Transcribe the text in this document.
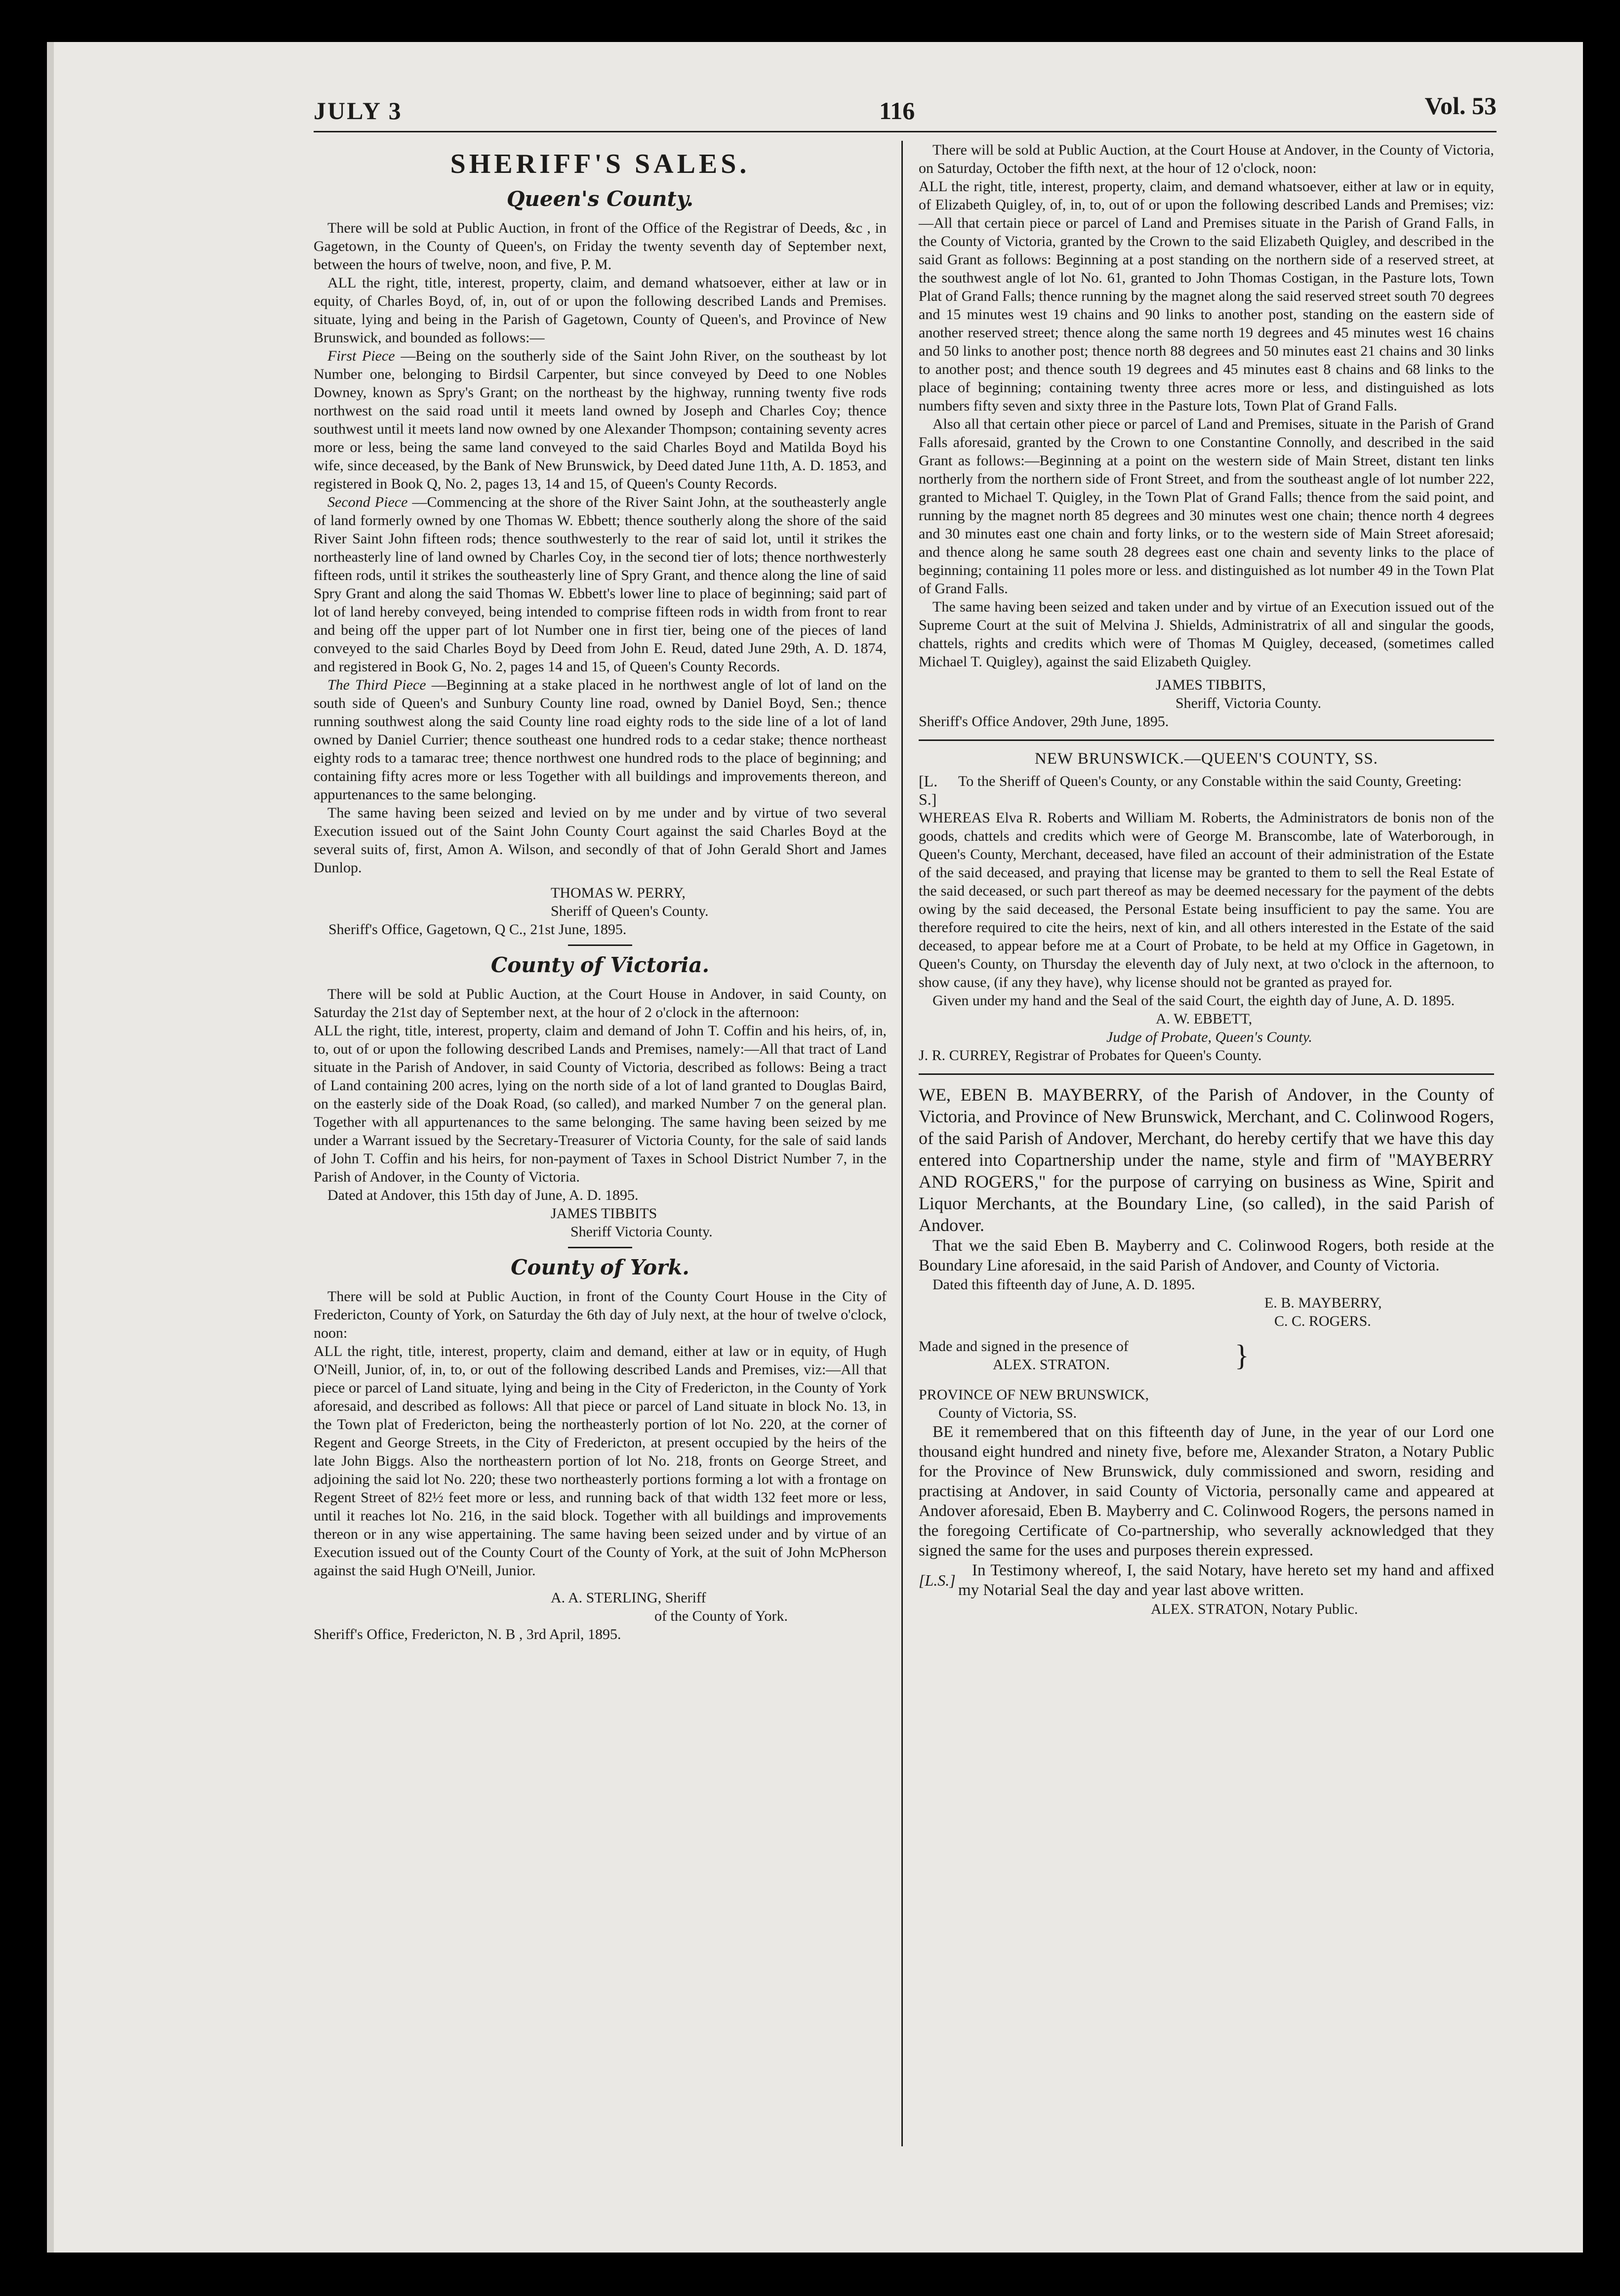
JULY 3	116	Vol. 53
SHERIFF'S SALES.
Queen's County.

There will be sold at Public Auction, in front of the Office of the Registrar of Deeds, &c , in Gagetown, in the County of Queen's, on Friday the twenty seventh day of September next, between the hours of twelve, noon, and five, P. M.

ALL the right, title, interest, property, claim, and demand whatsoever, either at law or in equity, of Charles Boyd, of, in, out of or upon the following described Lands and Premises. situate, lying and being in the Parish of Gagetown, County of Queen's, and Province of New Brunswick, and bounded as follows:—

First Piece —Being on the southerly side of the Saint John River, on the southeast by lot Number one, belonging to Birdsil Carpenter, but since conveyed by Deed to one Nobles Downey, known as Spry's Grant; on the northeast by the highway, running twenty five rods northwest on the said road until it meets land owned by Joseph and Charles Coy; thence southwest until it meets land now owned by one Alexander Thompson; containing seventy acres more or less, being the same land conveyed to the said Charles Boyd and Matilda Boyd his wife, since deceased, by the Bank of New Brunswick, by Deed dated June 11th, A. D. 1853, and registered in Book Q, No. 2, pages 13, 14 and 15, of Queen's County Records.

Second Piece —Commencing at the shore of the River Saint John, at the southeasterly angle of land formerly owned by one Thomas W. Ebbett; thence southerly along the shore of the said River Saint John fifteen rods; thence southwesterly to the rear of said lot, until it strikes the northeasterly line of land owned by Charles Coy, in the second tier of lots; thence northwesterly fifteen rods, until it strikes the southeasterly line of Spry Grant, and thence along the line of said Spry Grant and along the said Thomas W. Ebbett's lower line to place of beginning; said part of lot of land hereby conveyed, being intended to comprise fifteen rods in width from front to rear and being off the upper part of lot Number one in first tier, being one of the pieces of land conveyed to the said Charles Boyd by Deed from John E. Reud, dated June 29th, A. D. 1874, and registered in Book G, No. 2, pages 14 and 15, of Queen's County Records.

The Third Piece —Beginning at a stake placed in he northwest angle of lot of land on the south side of Queen's and Sunbury County line road, owned by Daniel Boyd, Sen.; thence running southwest along the said County line road eighty rods to the side line of a lot of land owned by Daniel Currier; thence southeast one hundred rods to a cedar stake; thence northeast eighty rods to a tamarac tree; thence northwest one hundred rods to the place of beginning; and containing fifty acres more or less Together with all buildings and improvements thereon, and appurtenances to the same belonging.

The same having been seized and levied on by me under and by virtue of two several Execution issued out of the Saint John County Court against the said Charles Boyd at the several suits of, first, Amon A. Wilson, and secondly of that of John Gerald Short and James Dunlop.

THOMAS W. PERRY,

Sheriff of Queen's County.

Sheriff's Office, Gagetown, Q C., 21st June, 1895.

County of Victoria.

There will be sold at Public Auction, at the Court House in Andover, in said County, on Saturday the 21st day of September next, at the hour of 2 o'clock in the afternoon:

ALL the right, title, interest, property, claim and demand of John T. Coffin and his heirs, of, in, to, out of or upon the following described Lands and Premises, namely:—All that tract of Land situate in the Parish of Andover, in said County of Victoria, described as follows: Being a tract of Land containing 200 acres, lying on the north side of a lot of land granted to Douglas Baird, on the easterly side of the Doak Road, (so called), and marked Number 7 on the general plan. Together with all appurtenances to the same belonging. The same having been seized by me under a Warrant issued by the Secretary-Treasurer of Victoria County, for the sale of said lands of John T. Coffin and his heirs, for non-payment of Taxes in School District Number 7, in the Parish of Andover, in the County of Victoria.

Dated at Andover, this 15th day of June, A. D. 1895.

JAMES TIBBITS

Sheriff Victoria County.

County of York.

There will be sold at Public Auction, in front of the County Court House in the City of Fredericton, County of York, on Saturday the 6th day of July next, at the hour of twelve o'clock, noon:

ALL the right, title, interest, property, claim and demand, either at law or in equity, of Hugh O'Neill, Junior, of, in, to, or out of the following described Lands and Premises, viz:—All that piece or parcel of Land situate, lying and being in the City of Fredericton, in the County of York aforesaid, and described as follows: All that piece or parcel of Land situate in block No. 13, in the Town plat of Fredericton, being the northeasterly portion of lot No. 220, at the corner of Regent and George Streets, in the City of Fredericton, at present occupied by the heirs of the late John Biggs. Also the northeastern portion of lot No. 218, fronts on George Street, and adjoining the said lot No. 220; these two northeasterly portions forming a lot with a frontage on Regent Street of 82½ feet more or less, and running back of that width 132 feet more or less, until it reaches lot No. 216, in the said block. Together with all buildings and improvements thereon or in any wise appertaining. The same having been seized under and by virtue of an Execution issued out of the County Court of the County of York, at the suit of John McPherson against the said Hugh O'Neill, Junior.

A. A. STERLING, Sheriff

of the County of York.

Sheriff's Office, Fredericton, N. B , 3rd April, 1895.

There will be sold at Public Auction, at the Court House at Andover, in the County of Victoria, on Saturday, October the fifth next, at the hour of 12 o'clock, noon:

ALL the right, title, interest, property, claim, and demand whatsoever, either at law or in equity, of Elizabeth Quigley, of, in, to, out of or upon the following described Lands and Premises; viz:—All that certain piece or parcel of Land and Premises situate in the Parish of Grand Falls, in the County of Victoria, granted by the Crown to the said Elizabeth Quigley, and described in the said Grant as follows: Beginning at a post standing on the northern side of a reserved street, at the southwest angle of lot No. 61, granted to John Thomas Costigan, in the Pasture lots, Town Plat of Grand Falls; thence running by the magnet along the said reserved street south 70 degrees and 15 minutes west 19 chains and 90 links to another post, standing on the eastern side of another reserved street; thence along the same north 19 degrees and 45 minutes west 16 chains and 50 links to another post; thence north 88 degrees and 50 minutes east 21 chains and 30 links to another post; and thence south 19 degrees and 45 minutes east 8 chains and 68 links to the place of beginning; containing twenty three acres more or less, and distinguished as lots numbers fifty seven and sixty three in the Pasture lots, Town Plat of Grand Falls.

Also all that certain other piece or parcel of Land and Premises, situate in the Parish of Grand Falls aforesaid, granted by the Crown to one Constantine Connolly, and described in the said Grant as follows:—Beginning at a point on the western side of Main Street, distant ten links northerly from the northern side of Front Street, and from the southeast angle of lot number 222, granted to Michael T. Quigley, in the Town Plat of Grand Falls; thence from the said point, and running by the magnet north 85 degrees and 30 minutes west one chain; thence north 4 degrees and 30 minutes east one chain and forty links, or to the western side of Main Street aforesaid; and thence along he same south 28 degrees east one chain and seventy links to the place of beginning; containing 11 poles more or less. and distinguished as lot number 49 in the Town Plat of Grand Falls.

The same having been seized and taken under and by virtue of an Execution issued out of the Supreme Court at the suit of Melvina J. Shields, Administratrix of all and singular the goods, chattels, rights and credits which were of Thomas M Quigley, deceased, (sometimes called Michael T. Quigley), against the said Elizabeth Quigley.

JAMES TIBBITS,

Sheriff, Victoria County.

Sheriff's Office Andover, 29th June, 1895.

NEW BRUNSWICK.—QUEEN'S COUNTY, SS.

[L. S.]

To the Sheriff of Queen's County, or any Constable within the said County, Greeting:

WHEREAS Elva R. Roberts and William M. Roberts, the Administrators de bonis non of the goods, chattels and credits which were of George M. Branscombe, late of Waterborough, in Queen's County, Merchant, deceased, have filed an account of their administration of the Estate of the said deceased, and praying that license may be granted to them to sell the Real Estate of the said deceased, or such part thereof as may be deemed necessary for the payment of the debts owing by the said deceased, the Personal Estate being insufficient to pay the same. You are therefore required to cite the heirs, next of kin, and all others interested in the Estate of the said deceased, to appear before me at a Court of Probate, to be held at my Office in Gagetown, in Queen's County, on Thursday the eleventh day of July next, at two o'clock in the afternoon, to show cause, (if any they have), why license should not be granted as prayed for.

Given under my hand and the Seal of the said Court, the eighth day of June, A. D. 1895.

A. W. EBBETT,

Judge of Probate, Queen's County.

J. R. CURREY, Registrar of Probates for Queen's County.

WE, EBEN B. MAYBERRY, of the Parish of Andover, in the County of Victoria, and Province of New Brunswick, Merchant, and C. Colinwood Rogers, of the said Parish of Andover, Merchant, do hereby certify that we have this day entered into Copartnership under the name, style and firm of "MAYBERRY AND ROGERS," for the purpose of carrying on business as Wine, Spirit and Liquor Merchants, at the Boundary Line, (so called), in the said Parish of Andover.

That we the said Eben B. Mayberry and C. Colinwood Rogers, both reside at the Boundary Line aforesaid, in the said Parish of Andover, and County of Victoria.

Dated this fifteenth day of June, A. D. 1895.

E. B. MAYBERRY,

C. C. ROGERS.

Made and signed in the presence of

ALEX. STRATON.	}

PROVINCE OF NEW BRUNSWICK,

County of Victoria, SS.

BE it remembered that on this fifteenth day of June, in the year of our Lord one thousand eight hundred and ninety five, before me, Alexander Straton, a Notary Public for the Province of New Brunswick, duly commissioned and sworn, residing and practising at Andover, in said County of Victoria, personally came and appeared at Andover aforesaid, Eben B. Mayberry and C. Colinwood Rogers, the persons named in the foregoing Certificate of Co-partnership, who severally acknowledged that they signed the same for the uses and purposes therein expressed.

[L.S.]

In Testimony whereof, I, the said Notary, have hereto set my hand and affixed my Notarial Seal the day and year last above written.

ALEX. STRATON, Notary Public.
